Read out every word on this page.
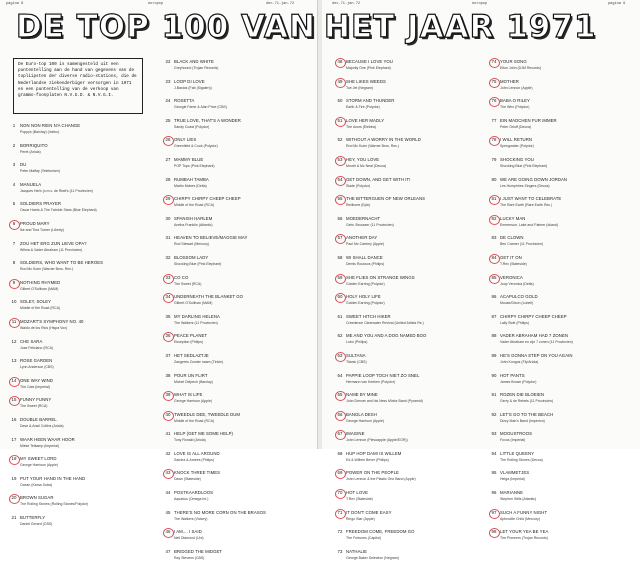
pagina 8	europop	dec.71-jan.72
DE TOP 100 VAN
De Euro-top 100 is samengesteld uit een puntentelling aan de hand van gegevens van de topliipsten der diverse radio-stations, die de Nederlandse ziekenderbiger versorgen in 1971 en een puntentelling van de verkoop van grammo-foonplaten N.V.G.D. & N.V.G.I.
1	NON NON RIEN N'A CHANGE
Poppys (Barclay) (Inelco)
2	BORRIQUITO
Peret (Ariola)
3	DU
Peter Maffay (Telefunken)
4	MANUELA
Jacques Herb (o.m.v. de Riwil's (11 Provincien)
5	SOLDIERS PRAYER
Oscar Harris & The Twinkle Stars (Blue Elephant)
6	PROUD MARY
Ike and Tina Turner (Liberty)
7	ZOU HET ERG ZIJN LIEVE OPA?
Wilma & Vader Abraham (11 Provincien)
8	SOLDIERS, WHO WANT TO BE HEROES
Rod Mc Kuen (Warner Bros. Rec.)
9	NOTHING RHYMED
Gilbert O'Sullivan (MAM)
10 SOLEY, SOLEY
Middle of the Road (RCA)
11 MOZART'S SYMPHONY NO. 40
Waldo de los Rios (Hispa Vox)
12 CHE SARA
Jose Feliciano (RCA)
13 ROSE GARDEN
Lynn Anderson (CBS)
14 ONE WAY WIND
The Cats (Imperial)
15 FUNNY FUNNY
The Sweet (RCA)
16 DOUBLE BARREL
Dave & Ansil Collins (Ariola)
17 WAAR HEEN WAAR HOOR
Mieke Telkamp (Imperial)
18 MY SWEET LORD
George Harrison (Apple)
19 PUT YOUR HAND IN THE HAND
Ocean (Kama Sutra)
20 BROWN SUGAR
The Rolling Stones (Rolling Stones/Polydor)
21 BUTTERFLY
Daniel Gerard (CBS)
22 BLACK AND WHITE
Greyhound (Trojan Records)
23 LOOP DI LOVE
J.Bastos (Fab (Sigalen))
24 ROSETTA
Georgie Fame & Alan Price (CBS)
25 TRUE LOVE, THAT'S A WONDER
Sandy Coast (Polydor)
26 ONLY LIES
Greenfield & Cook (Polydor)
27 MAMMY BLUE
POP Tops (Pink Elephant)
28 RUMBAH TAMBA
Martin Mobes (Delta)
29 CHIRPY CHIRPY CHEEP CHEEP
Middle of the Road (RCA)
30 SPANISH HARLEM
Aretha Franklin (Atlantic)
31 HEAVEN TO BELIEVE/MAGGIE MAY
Rod Stewart (Mercury)
32 BLOSSOM LADY
Shocking Blue (Pink Elephant)
33 CO CO
The Sweet (RCA)
34 UNDERNEATH THE BLANKET GO
Gilbert O'Sullivan (MAM)
35 MY DARLING HELENA
The Walkers (11 Provincien)
36 PEACE PLANET
Ekseption (Philips)
37 HET SEDLAZTJE
Zangeres Zonder naam (Tinkie)
38 POUR UN FLIRT
Michel Delpech (Barclay)
39 WHAT IS LIFE
George Harrison (Apple)
40 TWEEDLE DEE, TWEEDLE DUM
Middle of the Road (RCA)
41 HELP (GET ME SOME HELP)
Tony Ronald (Ariola)
42 LOVE IS ALL AROUND
Sandra & Andres (Philips)
43 KNOCK THREE TIMES
Dawn (Stateside)
44 POSTKAARDLOOS
Aquarius (Omega Int.)
45 THERE'S NO MORE CORN ON THE BRASOS
The Walkers (Victory)
46 I AM.... I SAID
Neil Diamond (Uni)
47 BRIDGED THE MIDGET
Ray Stevens (CBS)
dec.71-jan.72	europop	pagina 9
HET JAAR 1971
48 BECAUSE I LOVE YOU
Majority One (Pink Elephant)
49 SHE LIKES WEEDS
Toe Jet (Negram)
50 STORM AND THUNDER
Earth & Fire (Polydor)
51 LOVE HER MADLY
The doors (Elektra)
52 WITHOUT A WORRY IN THE WORLD
Rod Mc Kuen (Warner Bros. Rec.)
53 HEY, YOU LOVE
Mouth & Mc Neal (Decca)
54 GET DOWN, AND GET WITH IT!
Slade (Polydor)
55 THE BITTERGUEN OF NEW ORLEANS
Redbone (Epic)
56 MOEDERNACHT
Gebr. Brousser (11 Provincien)
57 ANOTHER DAY
Paul Mc Cartney (Apple)
58 WI SHALL DANCE
Demis Roussos (Philips)
59 SHE FLIES ON STRANGE WINGS
Golden Earring (Polydor)
60 HOLY HOLY LIFE
Golden Earring (Polydor)
61 SWEET HITCH HIKER
Creedence Clearwater Revival (United Artists Re.)
62 ME AND YOU AND A DOG NAMED BOO
Lobo (Philips)
63 SULTANA
Titanic (CBS)
64 PAPPIE LOOP TOCH NIET ZO SNEL
Hermann van Keeken (Polydor)
65 NAME BY MINE
John Denver and his Ness Minlor Band (Pyramid)
66 BANGLA DESH
George Harrison (Apple)
67 IMAGINE
John Lennon (Plesoapple (Apple/EOR))
68 HUP HOP DAM! IS WILLEM
Ed & Willem Bever (Philips)
69 POWER ON THE PEOPLE
John Lennon & the Plastic Ono Band (Apple)
70 HOT LOVE
T.Rex (Stateside)
71 IT DON'T COME EASY
Ringo Star (Apple)
72 FREEDOM COME, FREEDOM GO
The Fortunes (Capitol)
73 NATHALIE
George Baker Selection (Negram)
74 YOUR SONG
Elton John (DJM Records)
75 MOTHER
John Lennon (Apple)
76 BABA O RILEY
The Who (Polydor)
77 EIN MADCHEN FUR IMMER
Peter Orloff (Decca)
78 I WILL RETURN
Springwater (Polydor)
79 SHOCKING YOU
Shocking Blue (Pink Elephant)
80 WE ARE GOING DOWN JORDAN
Les Humphries Singers (Decca)
81 I JUST WANT TO CELEBRATE
The Rare Earth (Rare Earth Rec.)
82 LUCKY MAN
Emmerson, Lake and Palmer (Island)
83 DE CLOWN
Ben Cramer (11 Provincien)
84 GET IT ON
T.Rex (Stateside)
85 VERONICA
Joop Veronica (Delta)
86 ACAPULCO GOLD
Mouse/Dixon (Lubell)
87 CHIRPY CHIRPY CHEEP CHEEP
Lally Stott (Philips)
88 VADER ABRAHAM HAD 7 ZONEN
Vader Abraham en zijn 7 zonen (11 Provincien)
89 HE'S GONNA STEP ON YOU AGAIN
John Kongos (Fly/Ariola)
90 HOT PANTS
James Brown (Polydor)
91 ROZEN DIE BLOEIEN
Gerry & de Rebels (11 Provincien)
92 LET'S GO TO THE BEACH
Dizzy Man's Band (Imperion)
93 MOOUSTROOS
Focus (Imperial)
94 LITTLE QUEENY
The Rolling Stones (Decca)
95 VLAMMETJES
Helga (Imperial)
96 MARIANNE
Stephen Stills (Atlantic)
97 SUCH A FUNNY NIGHT
Aphrodite Child (Mercury)
98 LET YOUR YEA BE YEA
The Pioneers (Trojan Records)
